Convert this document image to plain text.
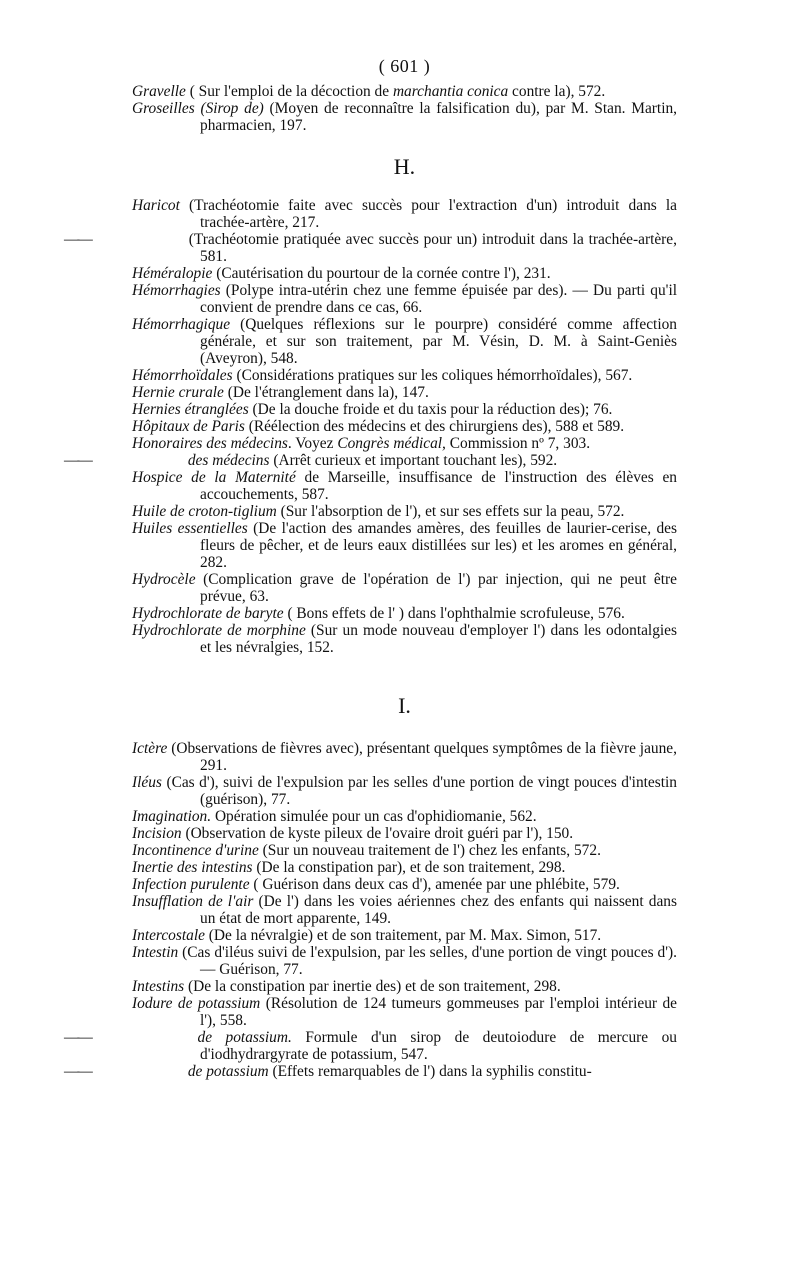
( 601 )

Gravelle ( Sur l'emploi de la décoction de marchantia conica contre la), 572.

Groseilles (Sirop de) (Moyen de reconnaître la falsification du), par M. Stan. Martin, pharmacien, 197.

H.

Haricot (Trachéotomie faite avec succès pour l'extraction d'un) introduit dans la trachée-artère, 217.

——	(Trachéotomie pratiquée avec succès pour un) introduit dans la trachée-artère, 581.

Héméralopie (Cautérisation du pourtour de la cornée contre l'), 231.

Hémorrhagies (Polype intra-utérin chez une femme épuisée par des). — Du parti qu'il convient de prendre dans ce cas, 66.

Hémorrhagique (Quelques réflexions sur le pourpre) considéré comme affection générale, et sur son traitement, par M. Vésin, D. M. à Saint-Geniès (Aveyron), 548.

Hémorrhoïdales (Considérations pratiques sur les coliques hémorrhoïdales), 567.

Hernie crurale (De l'étranglement dans la), 147.

Hernies étranglées (De la douche froide et du taxis pour la réduction des); 76.

Hôpitaux de Paris (Réélection des médecins et des chirurgiens des), 588 et 589.

Honoraires des médecins. Voyez Congrès médical, Commission nº 7, 303.

——	des médecins (Arrêt curieux et important touchant les), 592.

Hospice de la Maternité de Marseille, insuffisance de l'instruction des élèves en accouchements, 587.

Huile de croton-tiglium (Sur l'absorption de l'), et sur ses effets sur la peau, 572.

Huiles essentielles (De l'action des amandes amères, des feuilles de laurier-cerise, des fleurs de pêcher, et de leurs eaux distillées sur les) et les aromes en général, 282.

Hydrocèle (Complication grave de l'opération de l') par injection, qui ne peut être prévue, 63.

Hydrochlorate de baryte ( Bons effets de l' ) dans l'ophthalmie scrofuleuse, 576.

Hydrochlorate de morphine (Sur un mode nouveau d'employer l') dans les odontalgies et les névralgies, 152.

I.

Ictère (Observations de fièvres avec), présentant quelques symptômes de la fièvre jaune, 291.

Iléus (Cas d'), suivi de l'expulsion par les selles d'une portion de vingt pouces d'intestin (guérison), 77.

Imagination. Opération simulée pour un cas d'ophidiomanie, 562.

Incision (Observation de kyste pileux de l'ovaire droit guéri par l'), 150.

Incontinence d'urine (Sur un nouveau traitement de l') chez les enfants, 572.

Inertie des intestins (De la constipation par), et de son traitement, 298.

Infection purulente ( Guérison dans deux cas d'), amenée par une phlébite, 579.

Insufflation de l'air (De l') dans les voies aériennes chez des enfants qui naissent dans un état de mort apparente, 149.

Intercostale (De la névralgie) et de son traitement, par M. Max. Simon, 517.

Intestin (Cas d'iléus suivi de l'expulsion, par les selles, d'une portion de vingt pouces d'). — Guérison, 77.

Intestins (De la constipation par inertie des) et de son traitement, 298.

Iodure de potassium (Résolution de 124 tumeurs gommeuses par l'emploi intérieur de l'), 558.

——	de potassium. Formule d'un sirop de deutoiodure de mercure ou d'iodhydrargyrate de potassium, 547.

——	de potassium (Effets remarquables de l') dans la syphilis constitu-
